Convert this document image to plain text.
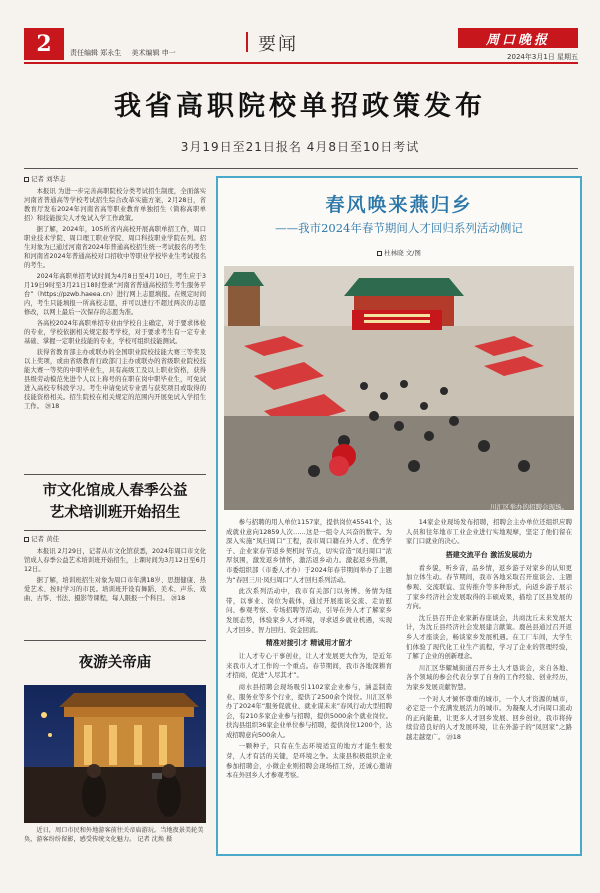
2	责任编辑 郑永生 美术编辑 申一	要闻	周口晚报
2024年3月1日 星期五
我省高职院校单招政策发布
3月19日至21日报名 4月8日至10日考试
记者 刘华志

本报讯 为进一步完善高职院校分类考试招生制度，全面落实河南省普通高等学校考试招生综合改革实施方案，2月28日，省教育厅发布2024年河南省高等职业教育单独招生（简称高职单招）和技能拔尖人才免试入学工作政策。

据了解，2024年，105所省内高校开展高职单招工作，周口职业技术学院、周口理工职业学院、周口科技职业学院在列。招生对象为已通过河南省2024年普通高校招生统一考试报名的考生和河南省2024年普通高校对口招收中等职业学校毕业生考试报名的考生。

2024年高职单招考试时间为4月8日至4月10日，考生应于3月19日9时至3月21日18时登录“河南省普通高校招生考生服务平台”（https://pzwb.haeea.cn）进行网上志愿填报。在规定时间内，考生只能填报一所高校志愿，并可以进行不超过两次的志愿修改，以网上最后一次保存的志愿为准。

各高校2024年高职单招专业由学校自主确定，对于要求体检的专业，学校依据相关规定报考学校，对于要求考生有一定专业基础、掌握一定职业技能的专业，学校可组织技能测试。

获得省教育部主办或联办的全国职业院校技能大赛三等奖及以上奖项，或由省级教育行政部门主办或联办的省级职业院校技能大赛一等奖的中职毕业生，具有高级工及以上职业资格，获得县级劳动模范先进个人以上称号的在职在岗中职毕业生，可免试进入高校专科段学习。考生申请免试专业需与获奖项目或取得的技能资格相关。招生院校在相关规定的范围内开展免试入学招生工作。 ⑳18

市文化馆成人春季公益
艺术培训班开始招生
记者 黄佳

本报讯 2月29日，记者从市文化馆获悉，2024年周口市文化馆成人春季公益艺术培训班开始招生，上课时间为3月12日至6月12日。

据了解，培训班招生对象为周口市年满18岁、思想健康、热爱艺术、按时学习的市民。培训班开设有舞蹈、美术、声乐、戏曲、古筝、书法、摄影等课程，每人限报一个科目。 ⑳18

夜游关帝庙
近日，周口市民和外地游客前往关帝庙游玩。当地夜景美轮美奂，游客纷纷留影，感受传统文化魅力。 记者 沈焕 摄
春风唤来燕归乡
——我市2024年春节期间人才回归系列活动侧记
杜林晓 文/图
川汇区举办的招聘会现场。

参与招聘的用人单位1157家，提供岗位45541个，达成就业意向12859人次……这是一组令人兴奋的数字。为深入实施“凤归周口”工程，我市周口籍在外人才、优秀学子、企业家春节返乡契机时节点，切实营造“凤归周口”浓厚氛围，激发返乡情怀，激活返乡动力。激起返乡热潮，市委组织部（市委人才办）于2024年春节期间举办了主题为“春回三川·凤归周口”人才回归系列活动。

此次系列活动中，我市有关部门以务博、务情为纽带，以事业、岗位为载体，通过开展座谈交流、走访慰问、参观考察、专场招聘等活动，引导在外人才了解家乡发展态势，体验家乡人才环境，寻求返乡就业机遇，实现人才回乡、智力回归、资金回流。

精准对接引才 精诚用才留才

让人才专心干事创业，让人才发展更大作为，是近年来我市人才工作的一个重点。春节期间，我市各地深耕育才招商，促进“人尽其才”。

商水县招聘会现场吸引1102家企业参与，涵盖制造业、服务业等多个行业，提供了2500余个岗位。川汇区举办了2024年“服务促就业、就业谋未来”春风行动大型招聘会，有210多家企业参与招聘，提供5000余个就业岗位。扶沟县组织36家企业单位参与招聘，提供岗位1200个，达成招聘意向500余人。

一颗种子，只有在生态环境适宜的地方才能生根发芽，人才有活的关键，是环境之争。太康县积极组织企业参加招聘会，小微企业则招聘会现场招工纷，还诚心邀请本在外回乡人才参观考察。

14家企业现场发布招聘，招聘会主办单位还组织应聘人员和往年地市工业企业进行实地观摩，坚定了他们留在家门口就业的决心。

搭建交流平台 激活发展动力

看乡貌，听乡音，品乡情，返乡游子对家乡的认知更加立体生动。春节期间，我市各地采取召开座谈会、主题参观、交流联谊、宣传推介等多种形式，向返乡游子展示了家乡经济社会发展取得的丰硕成果，描绘了区县发展的方向。

沈丘县召开企业家新春座谈会，共商沈丘未来发展大计，为沈丘县经济社会发展建言献策。鹿邑县通过召开返乡人才座谈会，畅谈家乡发展机遇。在工厂车间，大学生们体验了现代化工业生产流程，学习了企业的管理经验，了解了企业的创新理念。

川汇区华耀城街道召开乡土人才恳谈会，来自各地、各个领域的参会代表分享了自身的工作经验、创业经历，为家乡发展贡献智慧。

一个对人才倾怀尊重的城市，一个人才资源的城市，必定是一个充满发展活力的城市。为凝聚人才向周口流动的正向能量，让更多人才回乡发展、回乡创业，我市将持续营造良好的人才发展环境，让在外游子的“凤回家”之路越走越宽广。 ⑳18
